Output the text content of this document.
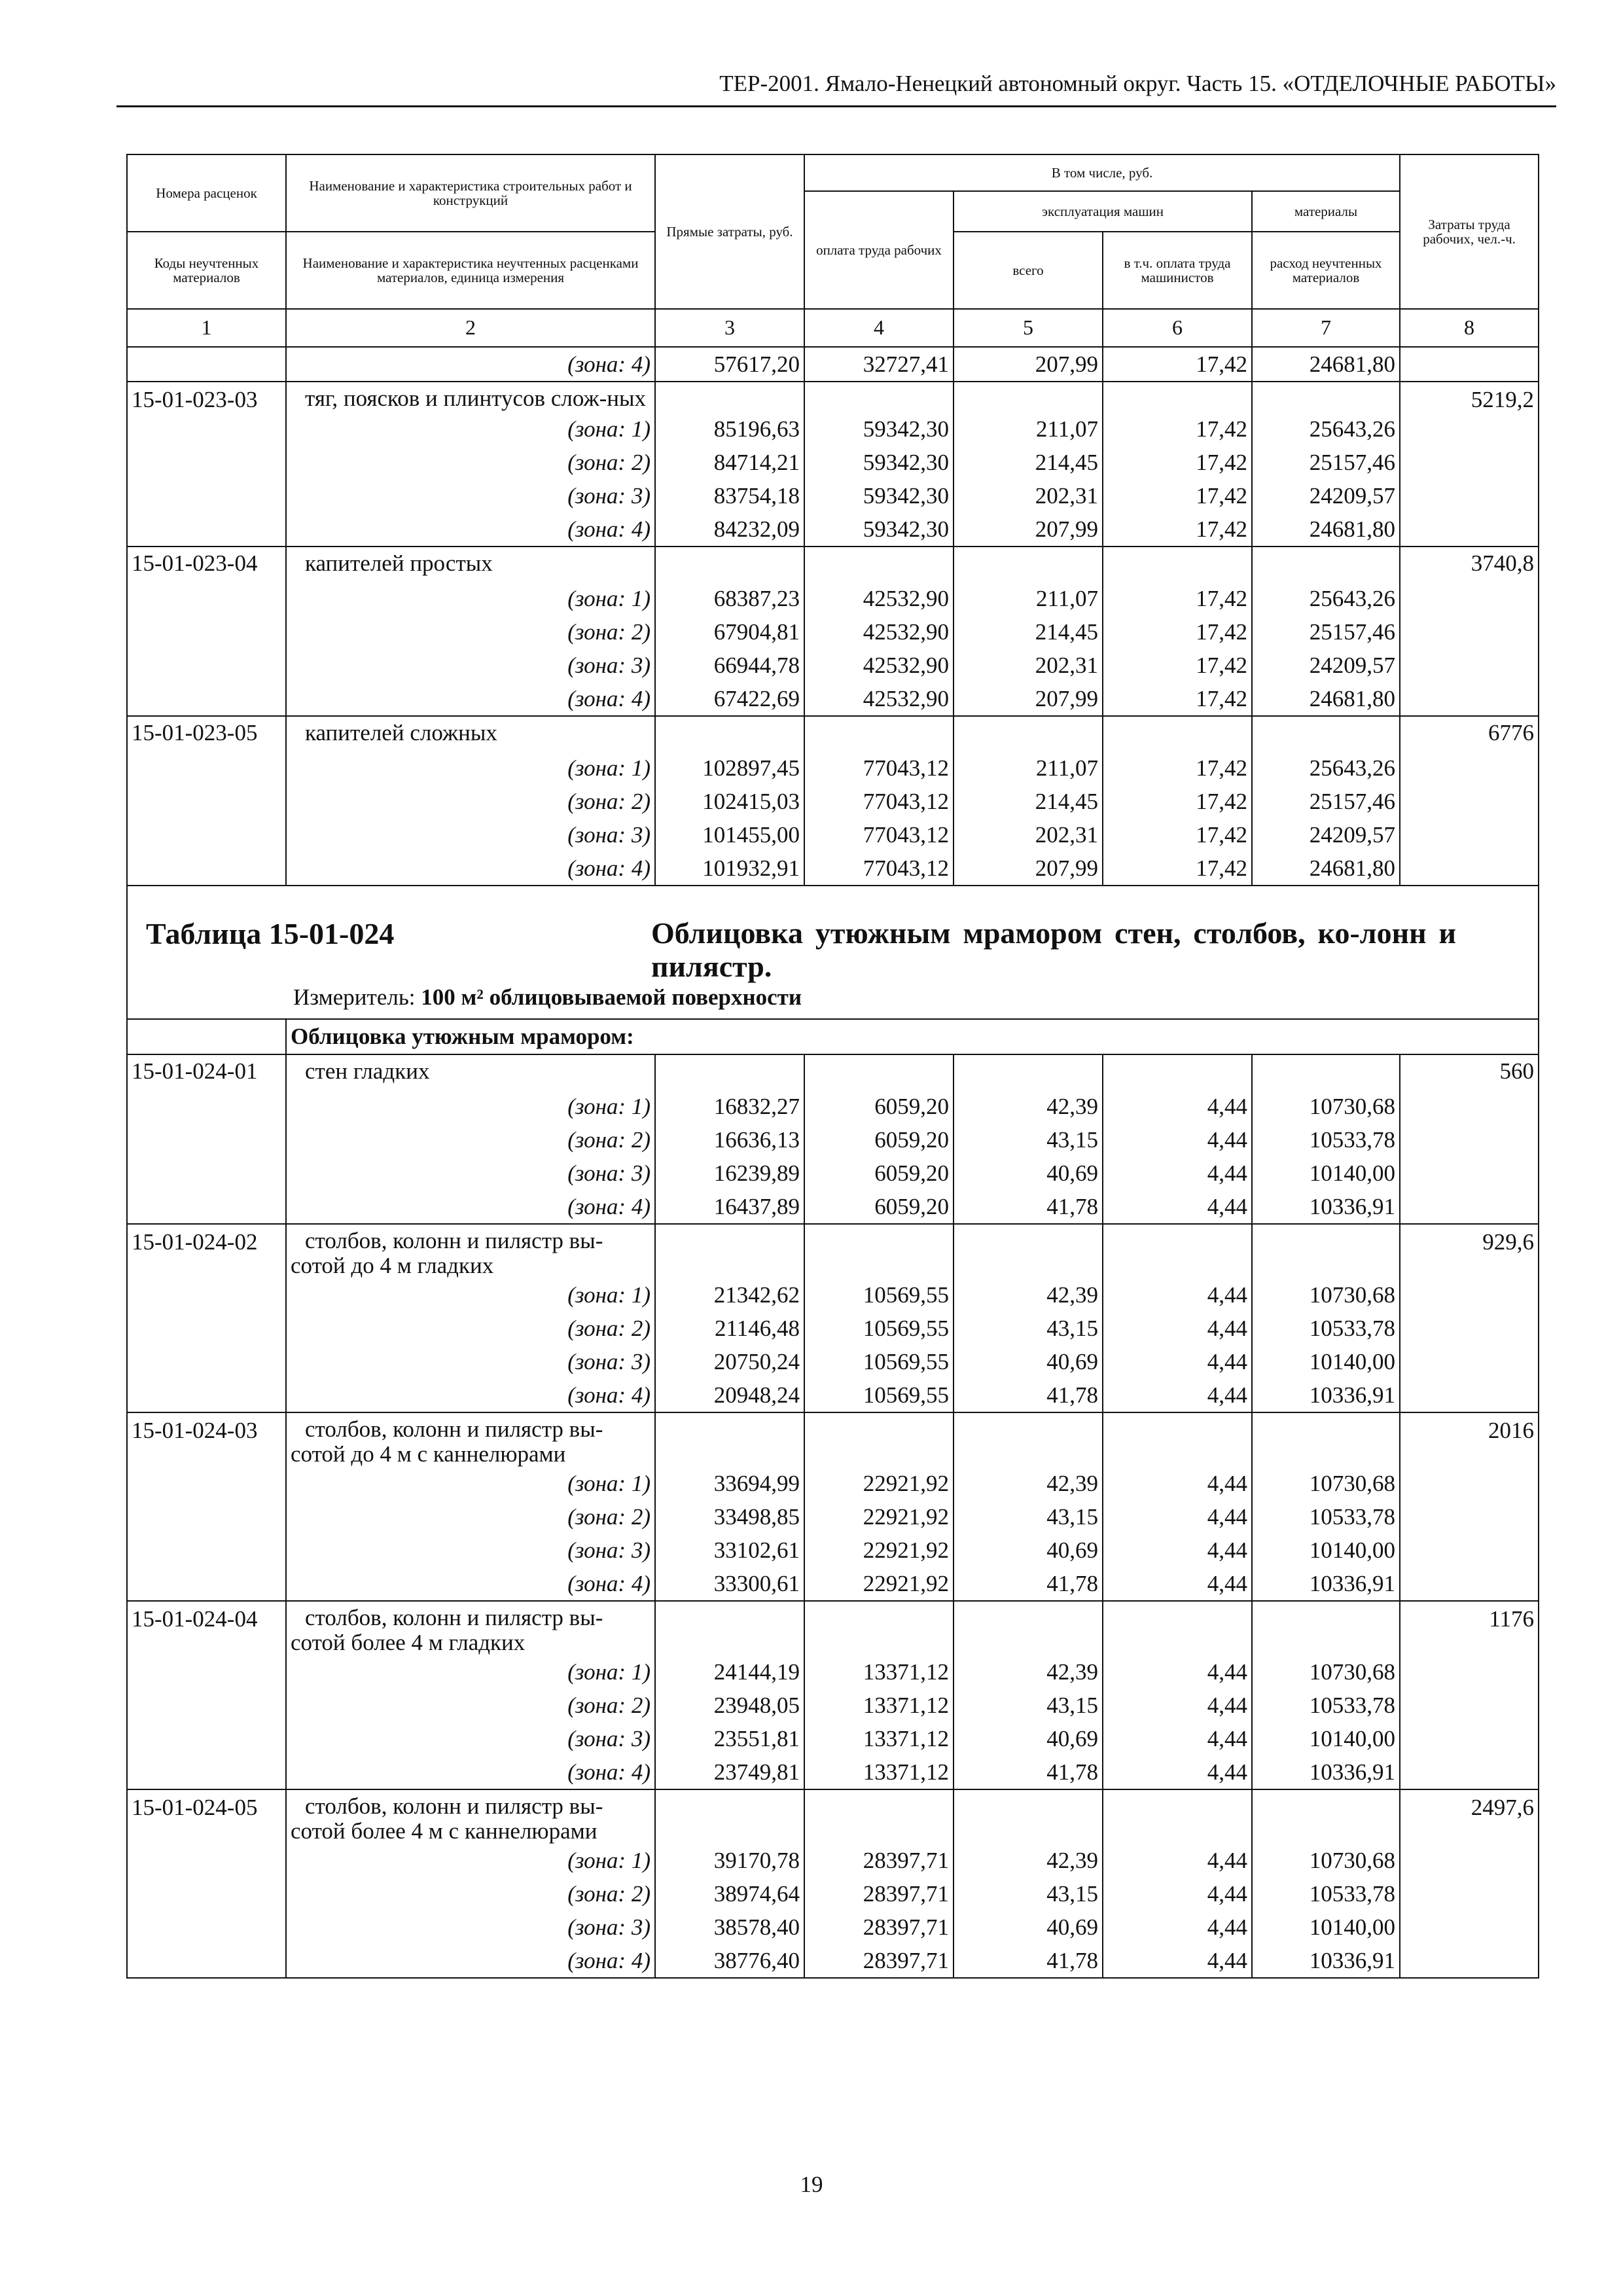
ТЕР-2001. Ямало-Ненецкий автономный округ. Часть 15. «ОТДЕЛОЧНЫЕ РАБОТЫ»
Номера расценок	Наименование и характеристика строительных работ и конструкций	Прямые затраты, руб.	В том числе, руб.				Затраты труда рабочих, чел.-ч.
			оплата труда рабочих	эксплуатация машин		материалы	
Коды неучтенных материалов	Наименование и характеристика неучтенных расценками материалов, единица измерения			всего	в т.ч. оплата труда машинистов	расход неучтенных материалов	

1	2	3	4	5	6	7	8
	(зона: 4)	57617,20	32727,41	207,99	17,42	24681,80	
15-01-023-03	тяг, поясков и плинтусов слож-ных						5219,2
	(зона: 1)	85196,63	59342,30	211,07	17,42	25643,26	
	(зона: 2)	84714,21	59342,30	214,45	17,42	25157,46	
	(зона: 3)	83754,18	59342,30	202,31	17,42	24209,57	
	(зона: 4)	84232,09	59342,30	207,99	17,42	24681,80	
15-01-023-04	капителей простых						3740,8
	(зона: 1)	68387,23	42532,90	211,07	17,42	25643,26	
	(зона: 2)	67904,81	42532,90	214,45	17,42	25157,46	
	(зона: 3)	66944,78	42532,90	202,31	17,42	24209,57	
	(зона: 4)	67422,69	42532,90	207,99	17,42	24681,80	
15-01-023-05	капителей сложных						6776
	(зона: 1)	102897,45	77043,12	211,07	17,42	25643,26	
	(зона: 2)	102415,03	77043,12	214,45	17,42	25157,46	
	(зона: 3)	101455,00	77043,12	202,31	17,42	24209,57	
	(зона: 4)	101932,91	77043,12	207,99	17,42	24681,80	

Таблица 15-01-024 Облицовка утюжным мрамором стен, столбов, ко-лонн и пилястр.
Измеритель: 100 м² облицовываемой поверхности							

	Облицовка утюжным мрамором:						
15-01-024-01	стен гладких						560
	(зона: 1)	16832,27	6059,20	42,39	4,44	10730,68	
	(зона: 2)	16636,13	6059,20	43,15	4,44	10533,78	
	(зона: 3)	16239,89	6059,20	40,69	4,44	10140,00	
	(зона: 4)	16437,89	6059,20	41,78	4,44	10336,91	
15-01-024-02	столбов, колонн и пилястр вы-сотой до 4 м гладких						929,6
	(зона: 1)	21342,62	10569,55	42,39	4,44	10730,68	
	(зона: 2)	21146,48	10569,55	43,15	4,44	10533,78	
	(зона: 3)	20750,24	10569,55	40,69	4,44	10140,00	
	(зона: 4)	20948,24	10569,55	41,78	4,44	10336,91	
15-01-024-03	столбов, колонн и пилястр вы-сотой до 4 м с каннелюрами						2016
	(зона: 1)	33694,99	22921,92	42,39	4,44	10730,68	
	(зона: 2)	33498,85	22921,92	43,15	4,44	10533,78	
	(зона: 3)	33102,61	22921,92	40,69	4,44	10140,00	
	(зона: 4)	33300,61	22921,92	41,78	4,44	10336,91	
15-01-024-04	столбов, колонн и пилястр вы-сотой более 4 м гладких						1176
	(зона: 1)	24144,19	13371,12	42,39	4,44	10730,68	
	(зона: 2)	23948,05	13371,12	43,15	4,44	10533,78	
	(зона: 3)	23551,81	13371,12	40,69	4,44	10140,00	
	(зона: 4)	23749,81	13371,12	41,78	4,44	10336,91	
15-01-024-05	столбов, колонн и пилястр вы-сотой более 4 м с каннелюрами						2497,6
	(зона: 1)	39170,78	28397,71	42,39	4,44	10730,68	
	(зона: 2)	38974,64	28397,71	43,15	4,44	10533,78	
	(зона: 3)	38578,40	28397,71	40,69	4,44	10140,00	
	(зона: 4)	38776,40	28397,71	41,78	4,44	10336,91	
19
